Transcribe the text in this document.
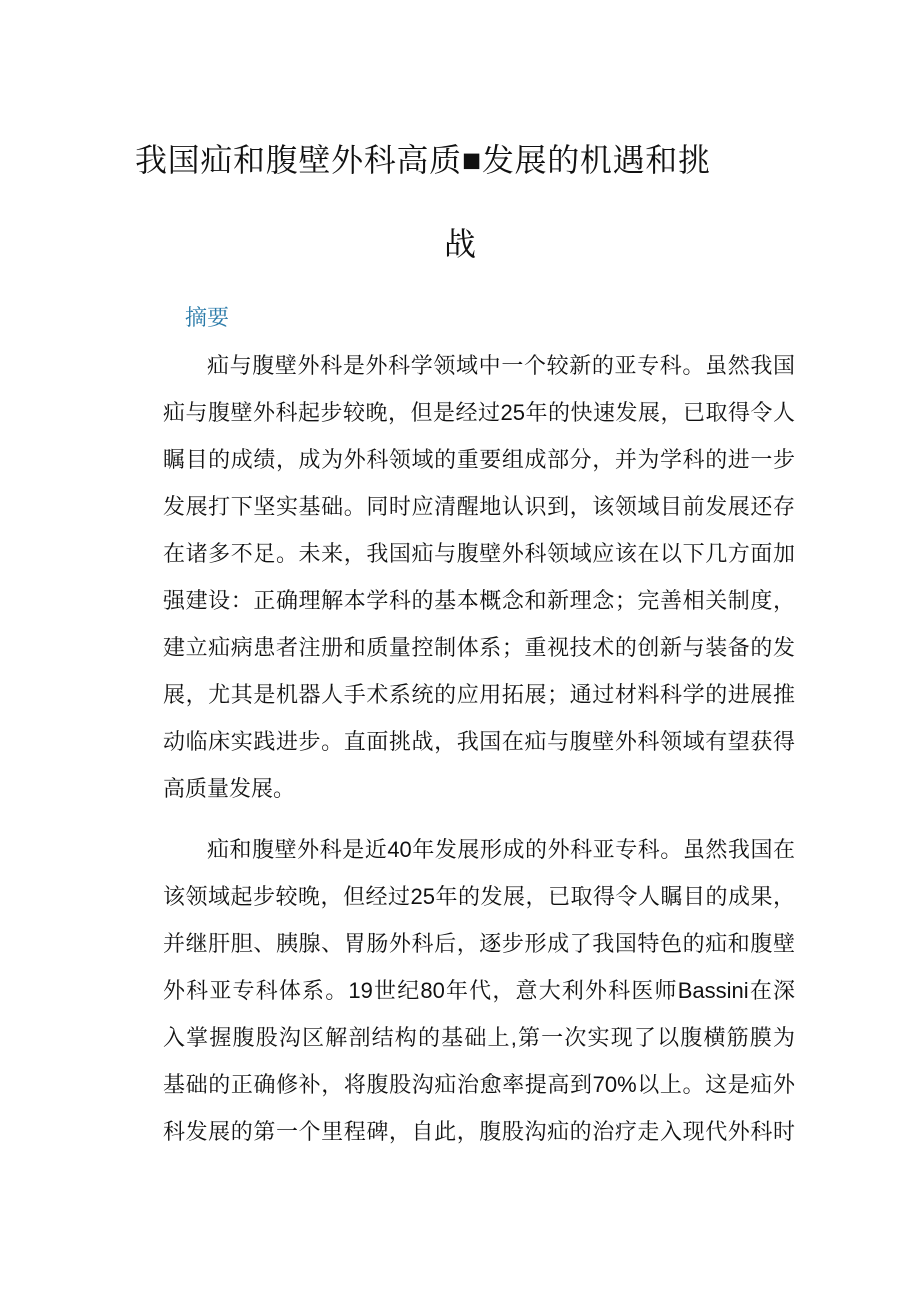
我国疝和腹壁外科高质■发展的机遇和挑
战
摘要
疝与腹壁外科是外科学领域中一个较新的亚专科。虽然我国
疝与腹壁外科起步较晚，但是经过25年的快速发展，已取得令人
瞩目的成绩，成为外科领域的重要组成部分，并为学科的进一步
发展打下坚实基础。同时应清醒地认识到，该领域目前发展还存
在诸多不足。未来，我国疝与腹壁外科领域应该在以下几方面加
强建设：正确理解本学科的基本概念和新理念；完善相关制度，
建立疝病患者注册和质量控制体系；重视技术的创新与装备的发
展，尤其是机器人手术系统的应用拓展；通过材料科学的进展推
动临床实践进步。直面挑战，我国在疝与腹壁外科领域有望获得
高质量发展。
疝和腹壁外科是近40年发展形成的外科亚专科。虽然我国在
该领域起步较晚，但经过25年的发展，已取得令人瞩目的成果，
并继肝胆、胰腺、胃肠外科后，逐步形成了我国特色的疝和腹壁
外科亚专科体系。19世纪80年代，意大利外科医师Bassini在深
入掌握腹股沟区解剖结构的基础上,第一次实现了以腹横筋膜为
基础的正确修补，将腹股沟疝治愈率提高到70%以上。这是疝外
科发展的第一个里程碑，自此，腹股沟疝的治疗走入现代外科时
